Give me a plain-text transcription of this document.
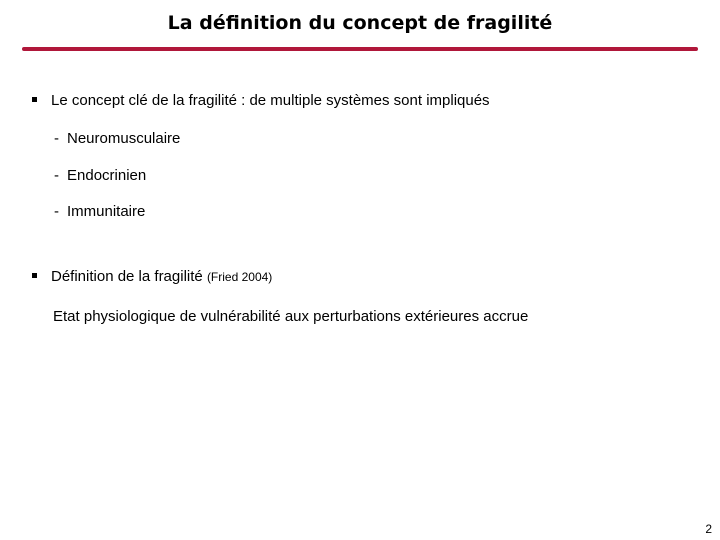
La définition du concept de fragilité
Le concept clé de la fragilité : de multiple systèmes sont impliqués
- Neuromusculaire
- Endocrinien
- Immunitaire
Définition de la fragilité (Fried 2004)
Etat physiologique de vulnérabilité aux perturbations extérieures accrue
2
